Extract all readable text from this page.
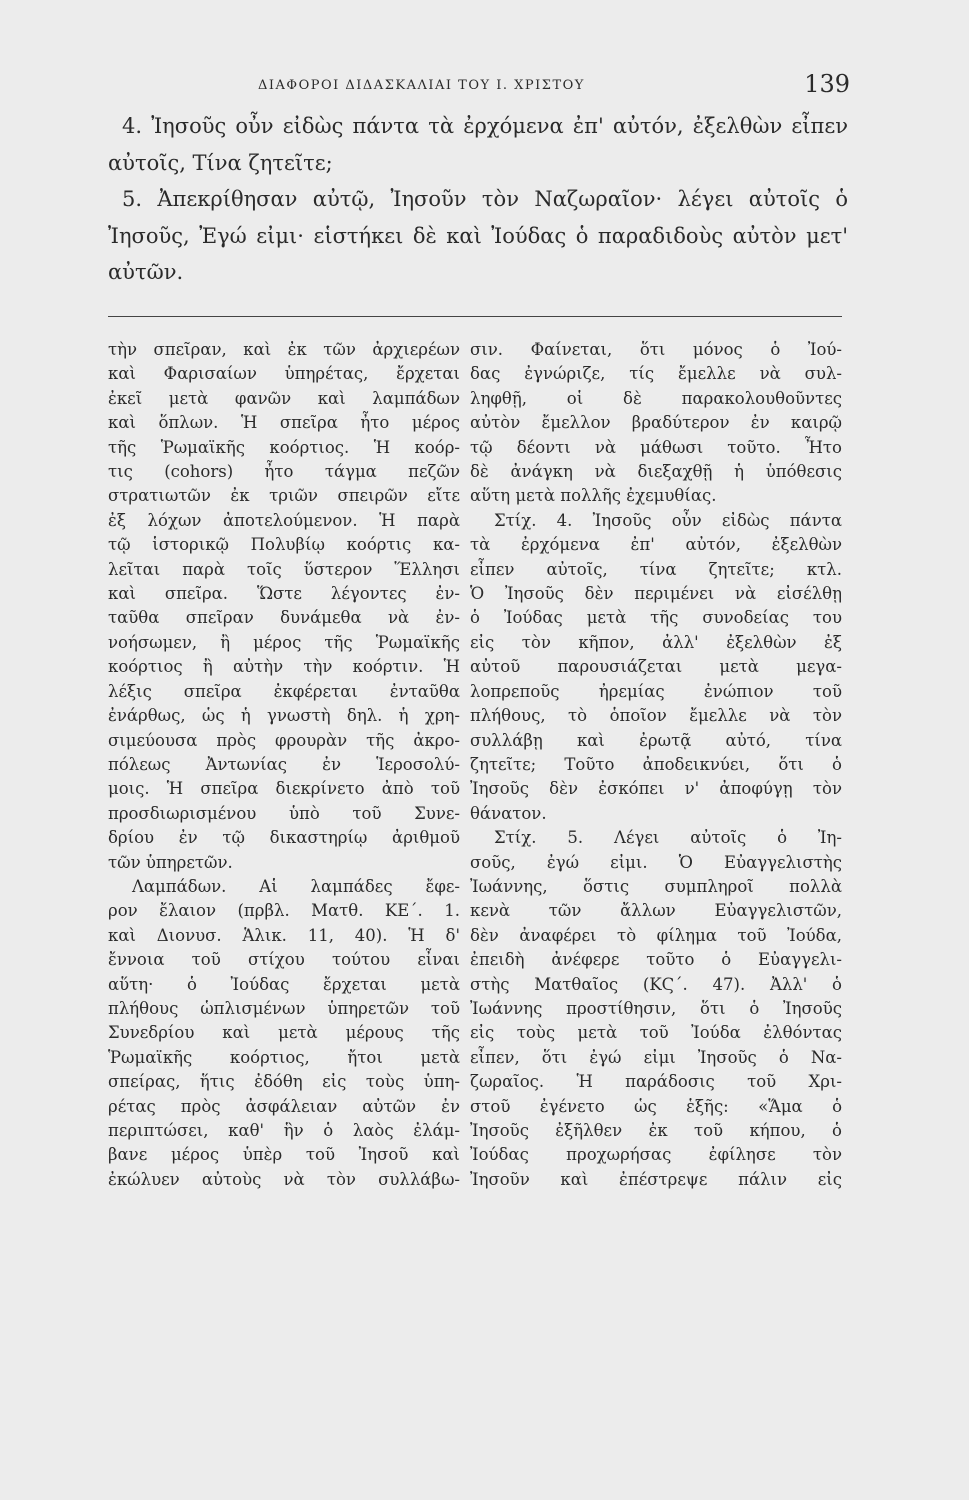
ΔΙΑΦΟΡΟΙ ΔΙΔΑΣΚΑΛΙΑΙ ΤΟΥ Ι. ΧΡΙΣΤΟΥ	139

4. Ἰησοῦς οὖν εἰδὼς πάντα τὰ ἐρχόμενα ἐπ' αὐτόν, ἐξελθὼν εἶπεν αὐτοῖς, Τίνα ζητεῖτε;

5. Ἀπεκρίθησαν αὐτῷ, Ἰησοῦν τὸν Ναζωραῖον· λέγει αὐτοῖς ὁ Ἰησοῦς, Ἐγώ εἰμι· εἱστήκει δὲ καὶ Ἰούδας ὁ παραδιδοὺς αὐτὸν μετ' αὐτῶν.

τὴν σπεῖραν, καὶ ἐκ τῶν ἀρχιερέων
καὶ Φαρισαίων ὑπηρέτας, ἔρχεται
ἐκεῖ μετὰ φανῶν καὶ λαμπάδων
καὶ ὅπλων. Ἡ σπεῖρα ἦτο μέρος
τῆς Ῥωμαϊκῆς κοόρτιος. Ἡ κοόρ-
τις (cohors) ἦτο τάγμα πεζῶν
στρατιωτῶν ἐκ τριῶν σπειρῶν εἴτε
ἐξ λόχων ἀποτελούμενον. Ἡ παρὰ
τῷ ἱστορικῷ Πολυβίῳ κοόρτις κα-
λεῖται παρὰ τοῖς ὕστερον Ἕλλησι
καὶ σπεῖρα. Ὥστε λέγοντες ἐν-
ταῦθα σπεῖραν δυνάμεθα νὰ ἐν-
νοήσωμεν, ἢ μέρος τῆς Ῥωμαϊκῆς
κοόρτιος ἢ αὐτὴν τὴν κοόρτιν. Ἡ
λέξις σπεῖρα ἐκφέρεται ἐνταῦθα
ἐνάρθως, ὡς ἡ γνωστὴ δηλ. ἡ χρη-
σιμεύουσα πρὸς φρουρὰν τῆς ἀκρο-
πόλεως Ἀντωνίας ἐν Ἱεροσολύ-
μοις. Ἡ σπεῖρα διεκρίνετο ἀπὸ τοῦ
προσδιωρισμένου ὑπὸ τοῦ Συνε-
δρίου ἐν τῷ δικαστηρίῳ ἀριθμοῦ
τῶν ὑπηρετῶν.
Λαμπάδων. Αἱ λαμπάδες ἔφε-
ρον ἔλαιον (πρβλ. Ματθ. ΚΕ΄. 1.
καὶ Διονυσ. Ἁλικ. 11, 40). Ἡ δ'
ἔννοια τοῦ στίχου τούτου εἶναι
αὕτη· ὁ Ἰούδας ἔρχεται μετὰ
πλήθους ὡπλισμένων ὑπηρετῶν τοῦ
Συνεδρίου καὶ μετὰ μέρους τῆς
Ῥωμαϊκῆς κοόρτιος, ἤτοι μετὰ
σπείρας, ἥτις ἐδόθη εἰς τοὺς ὑπη-
ρέτας πρὸς ἀσφάλειαν αὐτῶν ἐν
περιπτώσει, καθ' ἣν ὁ λαὸς ἐλάμ-
βανε μέρος ὑπὲρ τοῦ Ἰησοῦ καὶ
ἐκώλυεν αὐτοὺς νὰ τὸν συλλάβω-
σιν. Φαίνεται, ὅτι μόνος ὁ Ἰού-
δας ἐγνώριζε, τίς ἔμελλε νὰ συλ-
ληφθῇ, οἱ δὲ παρακολουθοῦντες
αὐτὸν ἔμελλον βραδύτερον ἐν καιρῷ
τῷ δέοντι νὰ μάθωσι τοῦτο. Ἦτο
δὲ ἀνάγκη νὰ διεξαχθῇ ἡ ὑπόθεσις
αὕτη μετὰ πολλῆς ἐχεμυθίας.
Στίχ. 4. Ἰησοῦς οὖν εἰδὼς πάντα
τὰ ἐρχόμενα ἐπ' αὐτόν, ἐξελθὼν
εἶπεν αὐτοῖς, τίνα ζητεῖτε; κτλ.
Ὁ Ἰησοῦς δὲν περιμένει νὰ εἰσέλθῃ
ὁ Ἰούδας μετὰ τῆς συνοδείας του
εἰς τὸν κῆπον, ἀλλ' ἐξελθὼν ἐξ
αὐτοῦ παρουσιάζεται μετὰ μεγα-
λοπρεποῦς ἠρεμίας ἐνώπιον τοῦ
πλήθους, τὸ ὁποῖον ἔμελλε νὰ τὸν
συλλάβῃ καὶ ἐρωτᾷ αὐτό, τίνα
ζητεῖτε; Τοῦτο ἀποδεικνύει, ὅτι ὁ
Ἰησοῦς δὲν ἐσκόπει ν' ἀποφύγῃ τὸν
θάνατον.
Στίχ. 5. Λέγει αὐτοῖς ὁ Ἰη-
σοῦς, ἐγώ εἰμι. Ὁ Εὐαγγελιστὴς
Ἰωάννης, ὅστις συμπληροῖ πολλὰ
κενὰ τῶν ἄλλων Εὐαγγελιστῶν,
δὲν ἀναφέρει τὸ φίλημα τοῦ Ἰούδα,
ἐπειδὴ ἀνέφερε τοῦτο ὁ Εὐαγγελι-
στὴς Ματθαῖος (ΚϚ΄. 47). Ἀλλ' ὁ
Ἰωάννης προστίθησιν, ὅτι ὁ Ἰησοῦς
εἰς τοὺς μετὰ τοῦ Ἰούδα ἐλθόντας
εἶπεν, ὅτι ἐγώ εἰμι Ἰησοῦς ὁ Να-
ζωραῖος. Ἡ παράδοσις τοῦ Χρι-
στοῦ ἐγένετο ὡς ἑξῆς: «Ἅμα ὁ
Ἰησοῦς ἐξῆλθεν ἐκ τοῦ κήπου, ὁ
Ἰούδας προχωρήσας ἐφίλησε τὸν
Ἰησοῦν καὶ ἐπέστρεψε πάλιν εἰς
